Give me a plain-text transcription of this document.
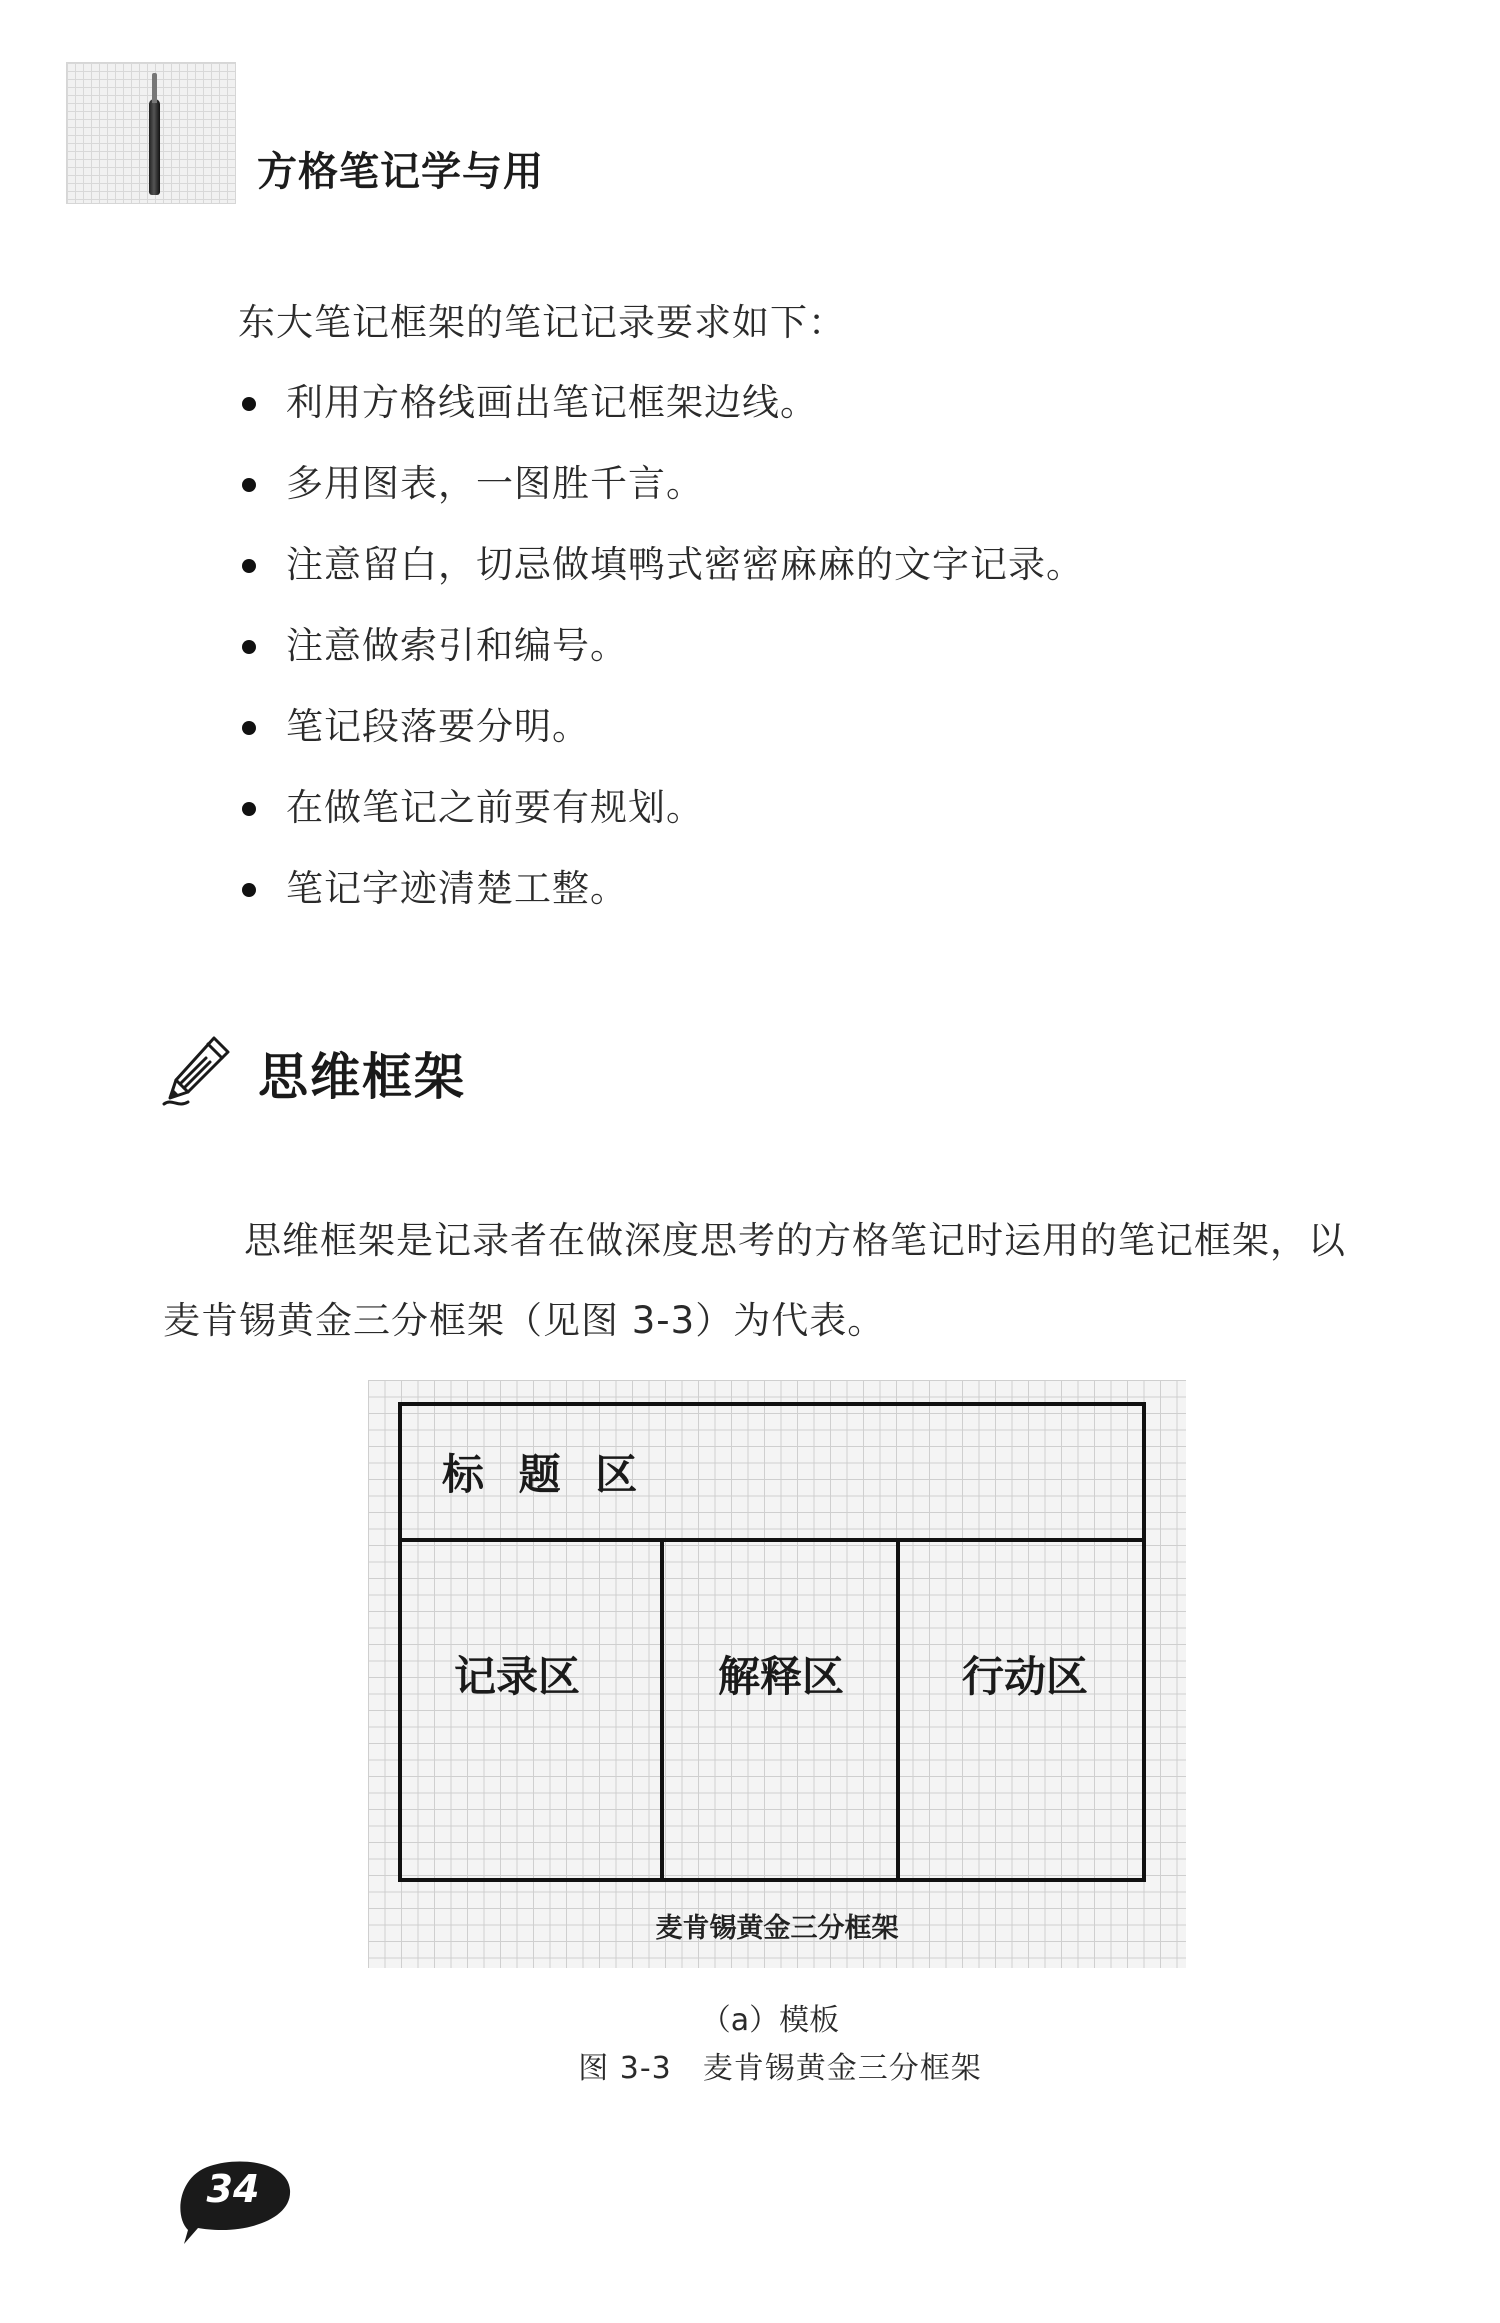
方格笔记学与用
东大笔记框架的笔记记录要求如下：
利用方格线画出笔记框架边线。
多用图表，一图胜千言。
注意留白，切忌做填鸭式密密麻麻的文字记录。
注意做索引和编号。
笔记段落要分明。
在做笔记之前要有规划。
笔记字迹清楚工整。
思维框架
思维框架是记录者在做深度思考的方格笔记时运用的笔记框架，以
麦肯锡黄金三分框架（见图 3-3）为代表。
标 题 区
记录区	解释区	行动区
麦肯锡黄金三分框架
（a）模板
图 3-3　麦肯锡黄金三分框架
34
